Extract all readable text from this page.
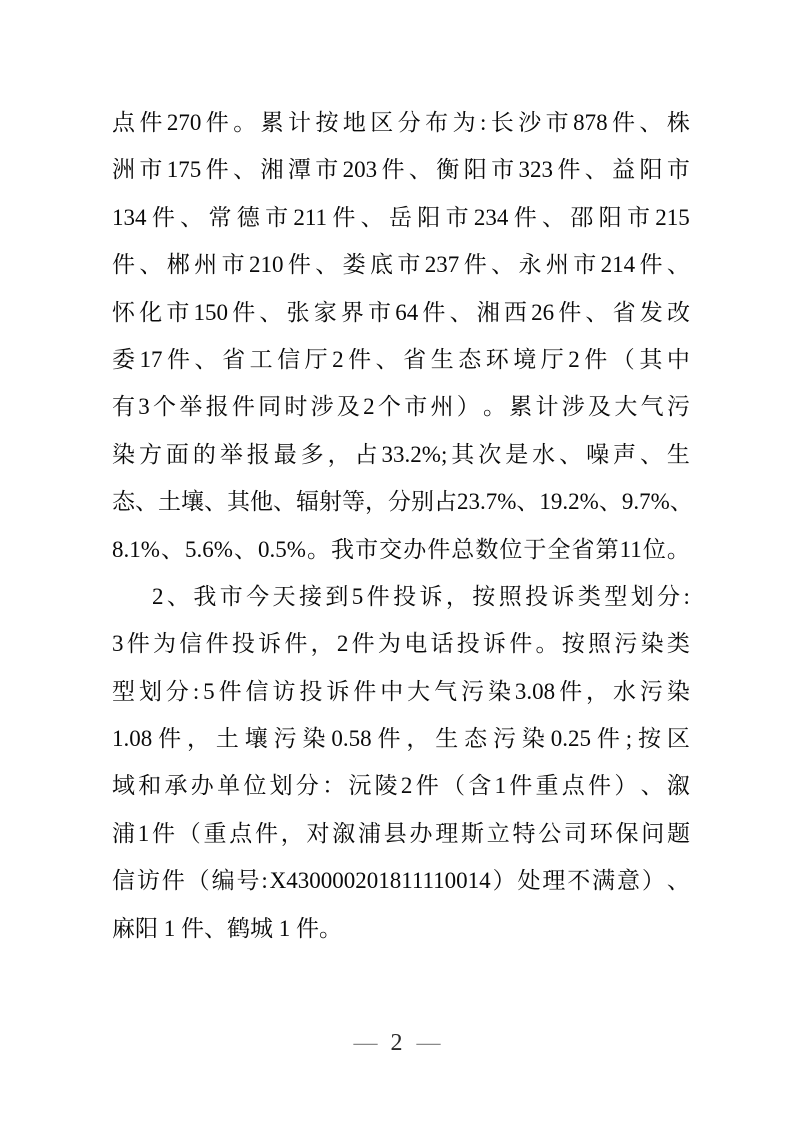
点 件 270 件 。 累 计 按 地 区 分 布 为 : 长 沙 市 878 件 、 株
洲 市 175 件 、 湘 潭 市 203 件 、 衡 阳 市 323 件 、 益 阳 市
134 件 、 常 德 市 211 件 、 岳 阳 市 234 件 、 邵 阳 市 215
件 、 郴 州 市 210 件 、 娄 底 市 237 件 、 永 州 市 214 件 、
怀 化 市 150 件 、 张 家 界 市 64 件 、 湘 西 26 件 、 省 发 改
委 17 件 、 省 工 信 厅 2 件 、 省 生 态 环 境 厅 2 件 （ 其 中
有 3 个 举 报 件 同 时 涉 及 2 个 市 州 ） 。 累 计 涉 及 大 气 污
染 方 面 的 举 报 最 多 ， 占 33.2%; 其 次 是 水 、 噪 声 、 生
态 、 土 壤 、 其 他 、 辐 射 等 ， 分 别 占 23.7% 、 19.2% 、 9.7% 、
8.1% 、 5.6% 、 0.5% 。 我 市 交 办 件 总 数 位 于 全 省 第 11 位 。
2 、 我 市 今 天 接 到 5 件 投 诉 ， 按 照 投 诉 类 型 划 分 :
3 件 为 信 件 投 诉 件 ， 2 件 为 电 话 投 诉 件 。 按 照 污 染 类
型 划 分 : 5 件 信 访 投 诉 件 中 大 气 污 染 3.08 件 ， 水 污 染
1.08 件 ， 土 壤 污 染 0.58 件 ， 生 态 污 染 0.25 件 ; 按 区
域 和 承 办 单 位 划 分 ： 沅 陵 2 件 （ 含 1 件 重 点 件 ） 、 溆
浦 1 件 （ 重 点 件 ， 对 溆 浦 县 办 理 斯 立 特 公 司 环 保 问 题
信 访 件 （ 编 号 : X430000201811110014 ） 处 理 不 满 意 ） 、
麻阳 1 件、鹤城 1 件。
— 2 —
